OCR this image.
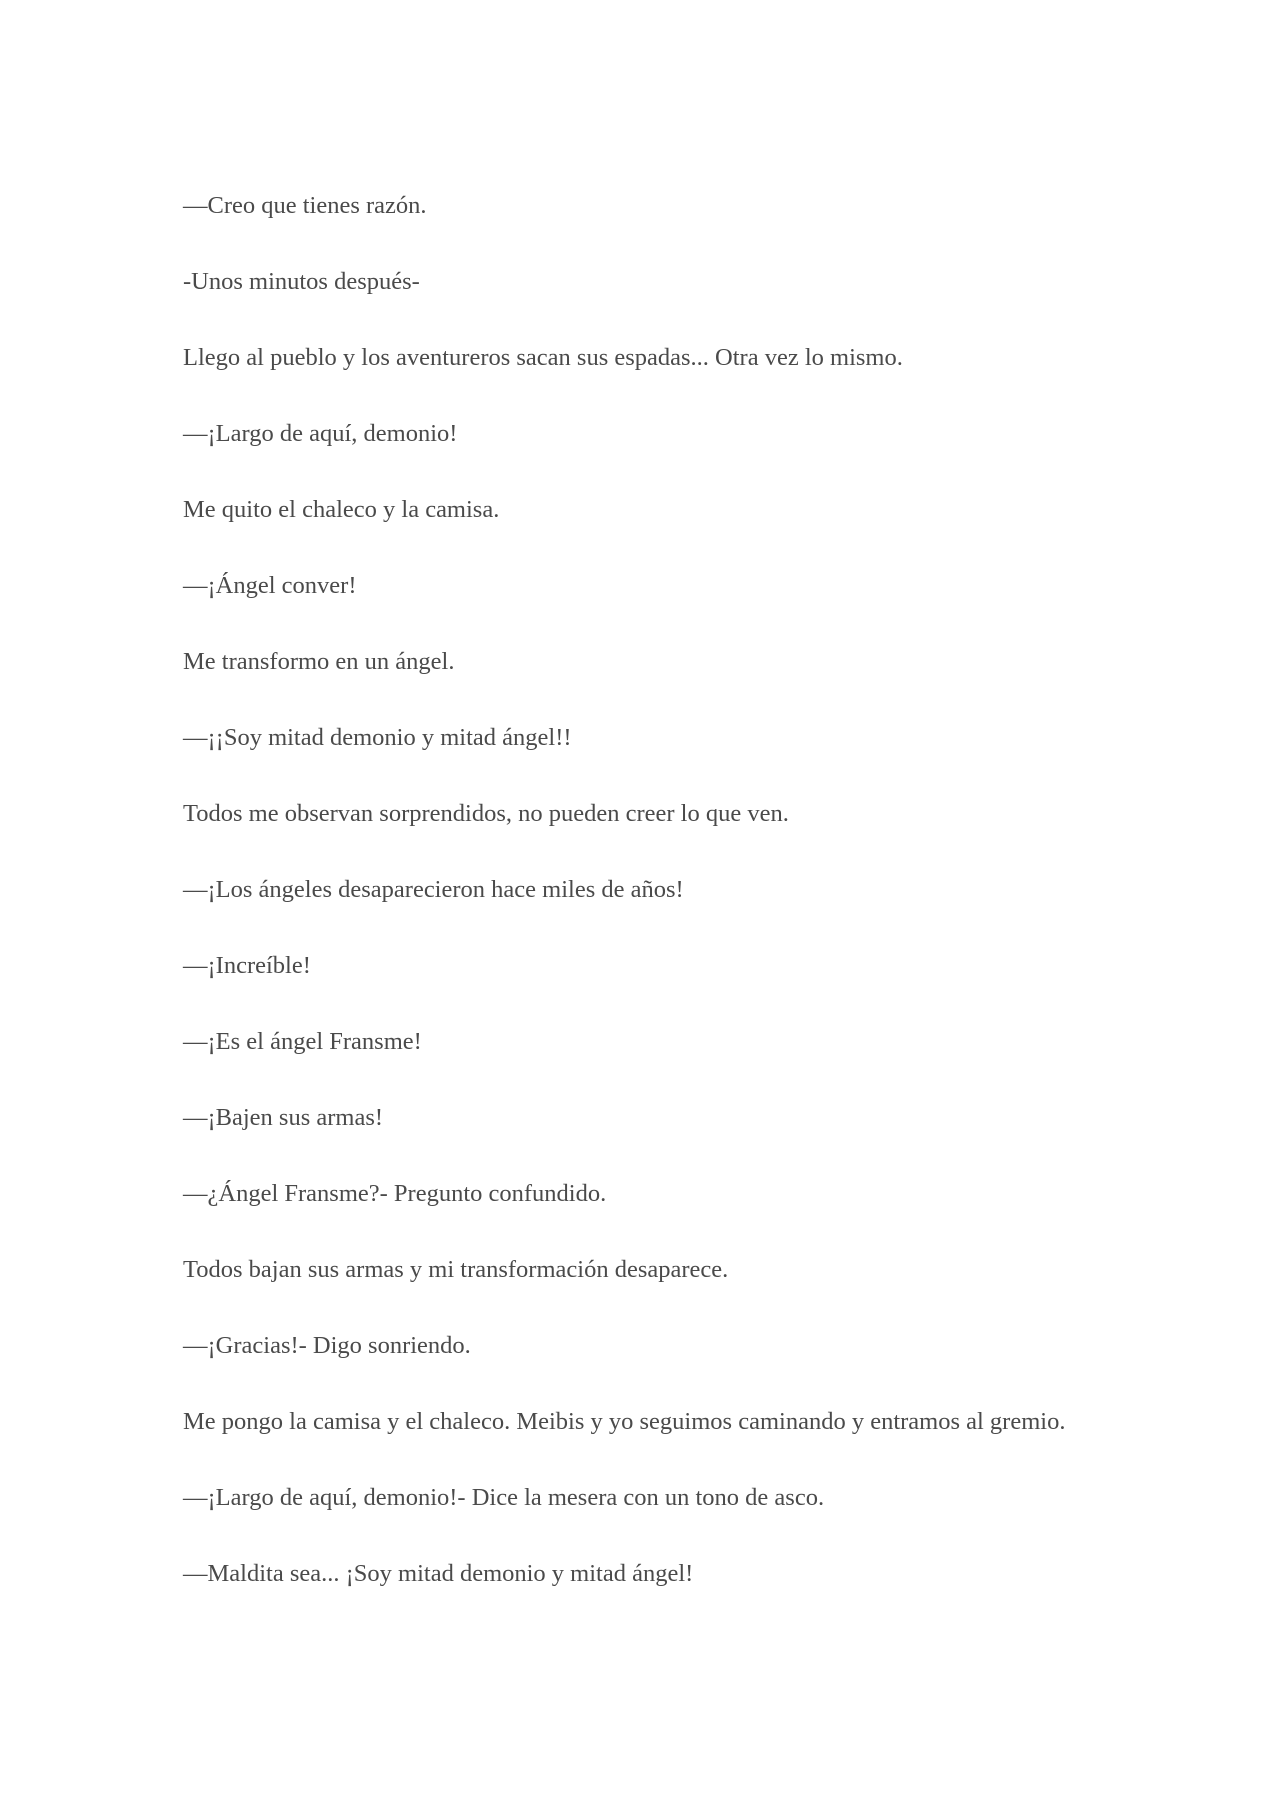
—Creo que tienes razón.

-Unos minutos después-

Llego al pueblo y los aventureros sacan sus espadas... Otra vez lo mismo.

—¡Largo de aquí, demonio!

Me quito el chaleco y la camisa.

—¡Ángel conver!

Me transformo en un ángel.

—¡¡Soy mitad demonio y mitad ángel!!

Todos me observan sorprendidos, no pueden creer lo que ven.

—¡Los ángeles desaparecieron hace miles de años!

—¡Increíble!

—¡Es el ángel Fransme!

—¡Bajen sus armas!

—¿Ángel Fransme?- Pregunto confundido.

Todos bajan sus armas y mi transformación desaparece.

—¡Gracias!- Digo sonriendo.

Me pongo la camisa y el chaleco. Meibis y yo seguimos caminando y entramos al gremio.

—¡Largo de aquí, demonio!- Dice la mesera con un tono de asco.

—Maldita sea... ¡Soy mitad demonio y mitad ángel!
